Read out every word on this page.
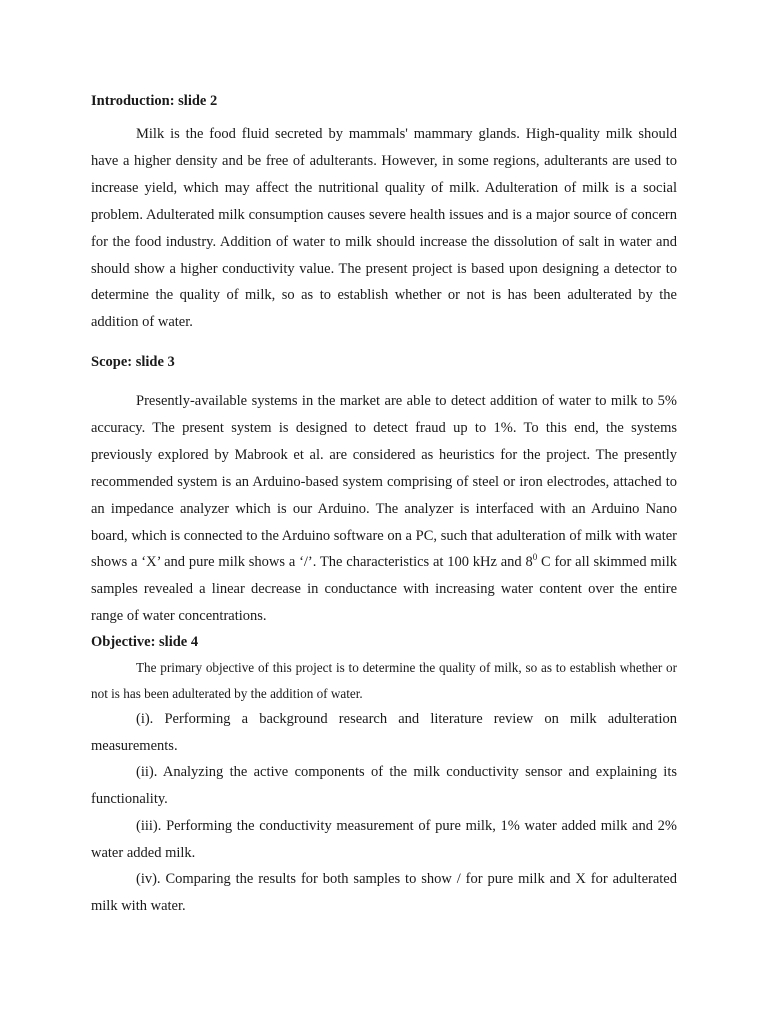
Introduction: slide 2

Milk is the food fluid secreted by mammals' mammary glands. High-quality milk should have a higher density and be free of adulterants. However, in some regions, adulterants are used to increase yield, which may affect the nutritional quality of milk. Adulteration of milk is a social problem. Adulterated milk consumption causes severe health issues and is a major source of concern for the food industry. Addition of water to milk should increase the dissolution of salt in water and should show a higher conductivity value. The present project is based upon designing a detector to determine the quality of milk, so as to establish whether or not is has been adulterated by the addition of water.

Scope: slide 3

Presently-available systems in the market are able to detect addition of water to milk to 5% accuracy. The present system is designed to detect fraud up to 1%. To this end, the systems previously explored by Mabrook et al. are considered as heuristics for the project. The presently recommended system is an Arduino-based system comprising of steel or iron electrodes, attached to an impedance analyzer which is our Arduino. The analyzer is interfaced with an Arduino Nano board, which is connected to the Arduino software on a PC, such that adulteration of milk with water shows a ‘X’ and pure milk shows a ‘/’. The characteristics at 100 kHz and $8^0$ C for all skimmed milk samples revealed a linear decrease in conductance with increasing water content over the entire range of water concentrations.

Objective: slide 4

The primary objective of this project is to determine the quality of milk, so as to establish whether or not is has been adulterated by the addition of water.

(i). Performing a background research and literature review on milk adulteration measurements.

(ii). Analyzing the active components of the milk conductivity sensor and explaining its functionality.

(iii). Performing the conductivity measurement of pure milk, 1% water added milk and 2% water added milk.

(iv). Comparing the results for both samples to show / for pure milk and X for adulterated milk with water.
